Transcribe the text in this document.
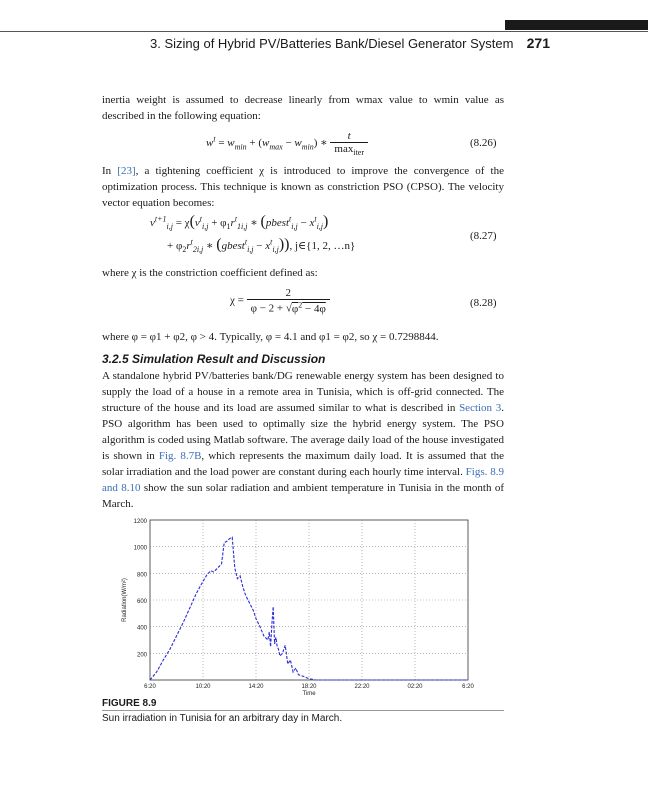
3. Sizing of Hybrid PV/Batteries Bank/Diesel Generator System 271
inertia weight is assumed to decrease linearly from wmax value to wmin value as described in the following equation:
$w^t = w_{min} + (w_{max} - w_{min})$ ∗ $\frac{t}{\max_{iter}}$	(8.26)
In [23], a tightening coefficient χ is introduced to improve the convergence of the optimization process. This technique is known as constriction PSO (CPSO). The velocity vector equation becomes:
$v^{t+1}_{i,j} = \chi(v^t_{i,j} + \varphi_1r^t_{1i,j}$ ∗ (pbest$^t_{i,j}$ − $x^t_{i,j}$)
+ $\varphi_2r^t_{2i,j}$ ∗ (gbest$^t_{i,j}$ − $x^t_{i,j}$)), j∈{1, 2, …n}
(8.27)
where χ is the constriction coefficient defined as:
$\chi = \frac{2}{\varphi - 2 + √\varphi^2 - 4\varphi}$	(8.28)
where φ = φ1 + φ2, φ > 4. Typically, φ = 4.1 and φ1 = φ2, so χ = 0.7298844.
3.2.5 Simulation Result and Discussion
A standalone hybrid PV/batteries bank/DG renewable energy system has been designed to supply the load of a house in a remote area in Tunisia, which is off-grid connected. The structure of the house and its load are assumed similar to what is described in Section 3. PSO algorithm has been used to optimally size the hybrid energy system. The PSO algorithm is coded using Matlab software. The average daily load of the house investigated is shown in Fig. 8.7B, which represents the maximum daily load. It is assumed that the solar irradiation and the load power are constant during each hourly time interval. Figs. 8.9 and 8.10 show the sun solar radiation and ambient temperature in Tunisia in the month of March.
200
400
600
800
1000
1200
6:20	10:20	14:20	18:20	22:20	02:20	6:20
Time
Radiation(W/m²)
FIGURE 8.9
Sun irradiation in Tunisia for an arbitrary day in March.
